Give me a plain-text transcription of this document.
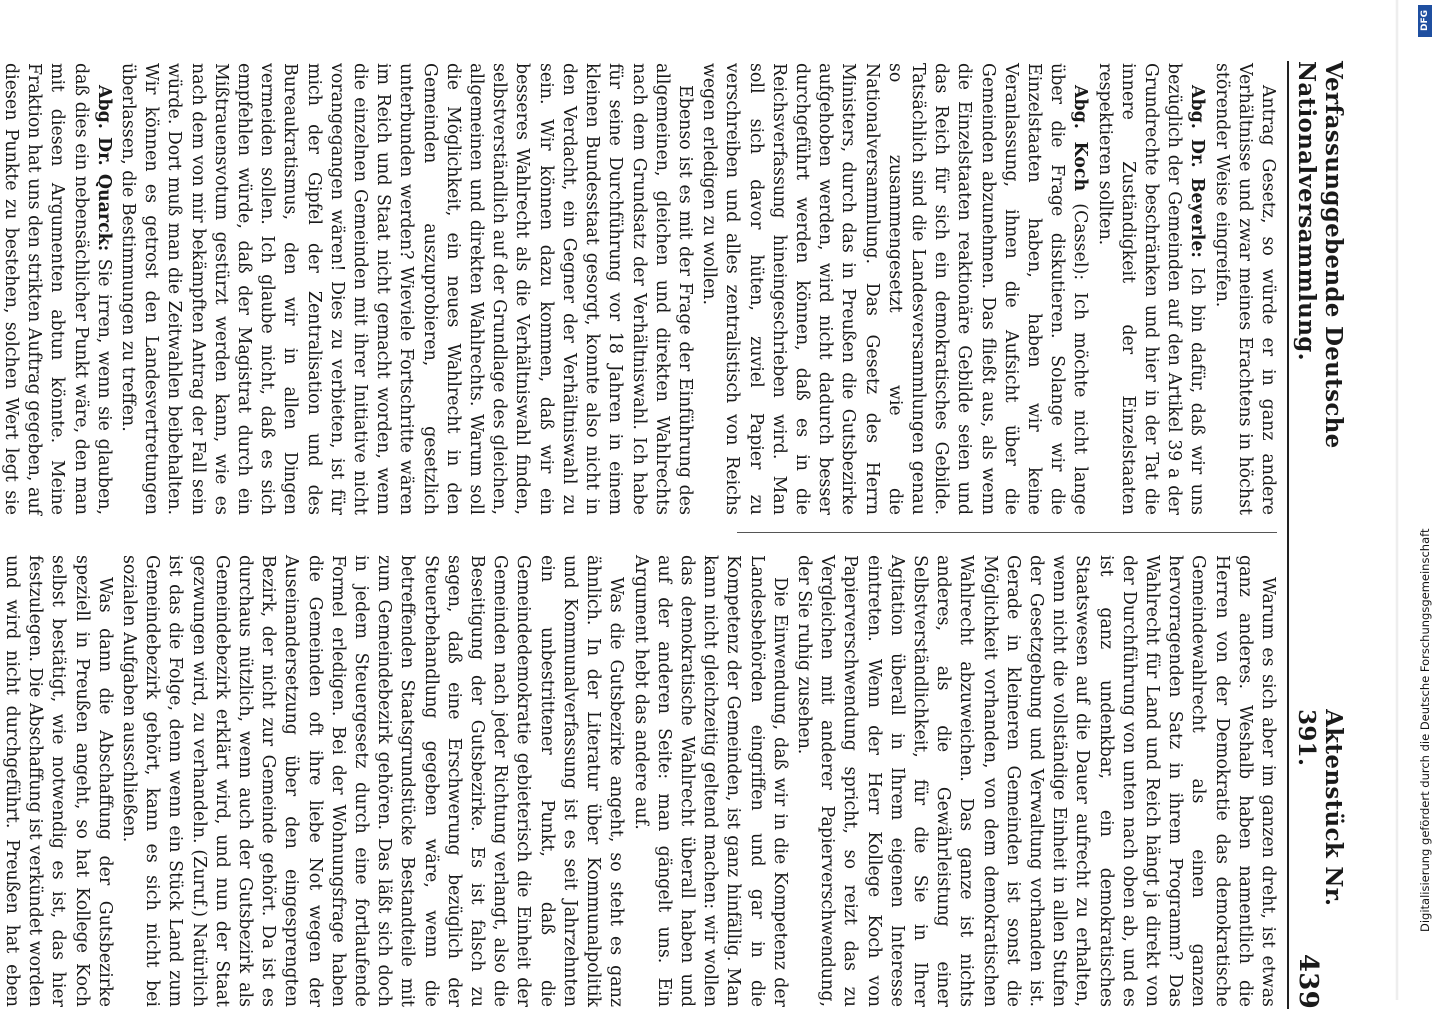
Verfassunggebende Deutsche Nationalversammlung.
Aktenstück Nr. 391.
439

Antrag Gesetz, so würde er in ganz andere Verhältnisse und zwar meines Erachtens in höchst störender Weise eingreifen.

Abg. Dr. Beyerle: Ich bin dafür, daß wir uns bezüglich der Gemeinden auf den Artikel 39 a der Grundrechte beschränken und hier in der Tat die innere Zuständigkeit der Einzelstaaten respektieren sollten.

Abg. Koch (Cassel): Ich möchte nicht lange über die Frage diskutieren. Solange wir die Einzelstaaten haben, haben wir keine Veranlassung, ihnen die Aufsicht über die Gemeinden abzunehmen. Das fließt aus, als wenn die Einzelstaaten reaktionäre Gebilde seien und das Reich für sich ein demokratisches Gebilde. Tatsächlich sind die Landesversammlungen genau so zusammengesetzt wie die Nationalversammlung. Das Gesetz des Herrn Ministers, durch das in Preußen die Gutsbezirke aufgehoben werden, wird nicht dadurch besser durchgeführt werden können, daß es in die Reichsverfassung hineingeschrieben wird. Man soll sich davor hüten, zuviel Papier zu verschreiben und alles zentralistisch von Reichs wegen erledigen zu wollen.

Ebenso ist es mit der Frage der Einführung des allgemeinen, gleichen und direkten Wahlrechts nach dem Grundsatz der Verhältniswahl. Ich habe für seine Durchführung vor 18 Jahren in einem kleinen Bundesstaat gesorgt, konnte also nicht in den Verdacht, ein Gegner der Verhältniswahl zu sein. Wir können dazu kommen, daß wir ein besseres Wahlrecht als die Verhältniswahl finden, selbstverständlich auf der Grundlage des gleichen, allgemeinen und direkten Wahlrechts. Warum soll die Möglichkeit, ein neues Wahlrecht in den Gemeinden auszuprobieren, gesetzlich unterbunden werden? Wieviele Fortschritte wären im Reich und Staat nicht gemacht worden, wenn die einzelnen Gemeinden mit ihrer Initiative nicht vorangegangen wären! Dies zu verbieten, ist für mich der Gipfel der Zentralisation und des Bureaukratismus, den wir in allen Dingen vermeiden sollen. Ich glaube nicht, daß es sich empfehlen würde, daß der Magistrat durch ein Mißtrauensvotum gestürzt werden kann, wie es nach dem von mir bekämpften Antrag der Fall sein würde. Dort muß man die Zeitwahlen beibehalten. Wir können es getrost den Landesvertretungen überlassen, die Bestimmungen zu treffen.

Abg. Dr. Quarck: Sie irren, wenn sie glauben, daß dies ein nebensächlicher Punkt wäre, den man mit diesen Argumenten abtun könnte. Meine Fraktion hat uns den strikten Auftrag gegeben, auf diesen Punkte zu bestehen, solchen Wert legt sie

Warum es sich aber im ganzen dreht, ist etwas ganz anderes. Weshalb haben namentlich die Herren von der Demokratie das demokratische Gemeindewahlrecht als einen ganzen hervorragenden Satz in ihrem Programm? Das Wahlrecht für Land und Reich hängt ja direkt von der Durchführung von unten nach oben ab, und es ist ganz undenkbar, ein demokratisches Staatswesen auf die Dauer aufrecht zu erhalten, wenn nicht die vollständige Einheit in allen Stufen der Gesetzgebung und Verwaltung vorhanden ist. Gerade in kleineren Gemeinden ist sonst die Möglichkeit vorhanden, von dem demokratischen Wahlrecht abzuweichen. Das ganze ist nichts anderes, als die Gewährleistung einer Selbstverständlichkeit, für die Sie in Ihrer Agitation überall in Ihrem eigenen Interesse eintreten. Wenn der Herr Kollege Koch von Papierverschwendung spricht, so reizt das zu Vergleichen mit anderer Papierverschwendung, der Sie ruhig zusehen.

Die Einwendung, daß wir in die Kompetenz der Landesbehörden eingriffen und gar in die Kompetenz der Gemeinden, ist ganz hinfällig. Man kann nicht gleichzeitig geltend machen: wir wollen das demokratische Wahlrecht überall haben und auf der anderen Seite: man gängelt uns. Ein Argument hebt das andere auf.

Was die Gutsbezirke angeht, so steht es ganz ähnlich. In der Literatur über Kommunalpolitik und Kommunalverfassung ist es seit Jahrzehnten ein unbestrittener Punkt, daß die Gemeindedemokratie gebieterisch die Einheit der Gemeinden nach jeder Richtung verlangt, also die Beseitigung der Gutsbezirke. Es ist falsch zu sagen, daß eine Erschwerung bezüglich der Steuerbehandlung gegeben wäre, wenn die betreffenden Staatsgrundstücke Bestandteile mit zum Gemeindebezirk gehören. Das läßt sich doch in jedem Steuergesetz durch eine fortlaufende Formel erledigen. Bei der Wohnungsfrage haben die Gemeinden oft ihre liebe Not wegen der Auseinandersetzung über den eingesprengten Bezirk, der nicht zur Gemeinde gehört. Da ist es durchaus nützlich, wenn auch der Gutsbezirk als Gemeindebezirk erklärt wird, und nun der Staat gezwungen wird, zu verhandeln. (Zuruf.) Natürlich ist das die Folge, denn wenn ein Stück Land zum Gemeindebezirk gehört, kann es sich nicht bei sozialen Aufgaben ausschließen.

Was dann die Abschaffung der Gutsbezirke speziell in Preußen angeht, so hat Kollege Koch selbst bestätigt, wie notwendig es ist, das hier festzulegen. Die Abschaffung ist verkündet worden und wird nicht durchgeführt. Preußen hat eben

DFG
Digitalisierung gefördert durch die Deutsche Forschungsgemeinschaft
